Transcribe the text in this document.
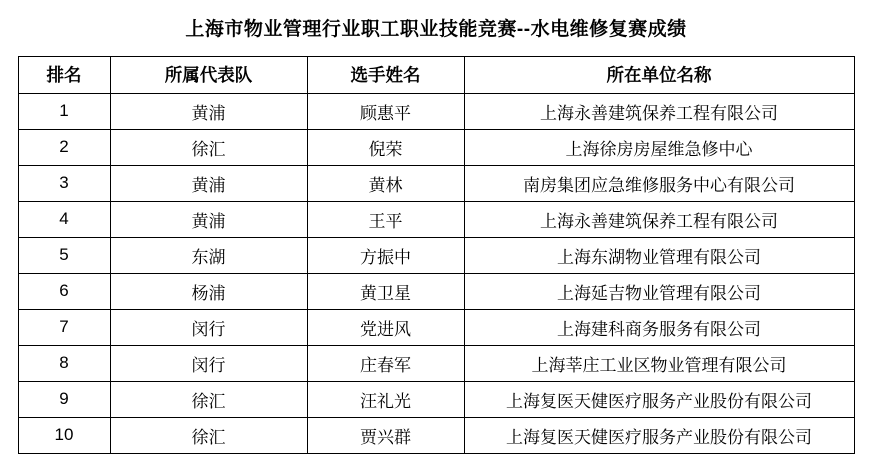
上海市物业管理行业职工职业技能竞赛--水电维修复赛成绩
排名	所属代表队	选手姓名	所在单位名称
1	黄浦	顾惠平	上海永善建筑保养工程有限公司
2	徐汇	倪荣	上海徐房房屋维急修中心
3	黄浦	黄林	南房集团应急维修服务中心有限公司
4	黄浦	王平	上海永善建筑保养工程有限公司
5	东湖	方振中	上海东湖物业管理有限公司
6	杨浦	黄卫星	上海延吉物业管理有限公司
7	闵行	党进风	上海建科商务服务有限公司
8	闵行	庄春军	上海莘庄工业区物业管理有限公司
9	徐汇	汪礼光	上海复医天健医疗服务产业股份有限公司
10	徐汇	贾兴群	上海复医天健医疗服务产业股份有限公司
